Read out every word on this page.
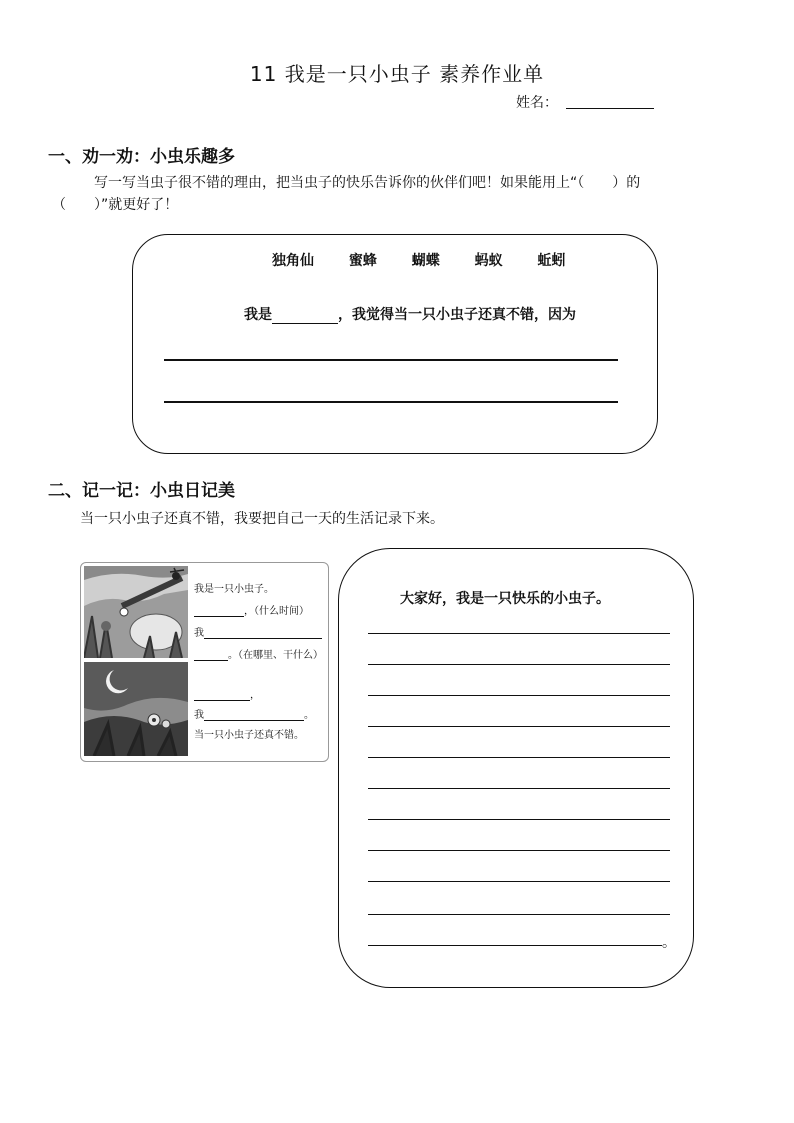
11 我是一只小虫子 素养作业单
姓名：
一、劝一劝：小虫乐趣多
写一写当虫子很不错的理由，把当虫子的快乐告诉你的伙伴们吧！如果能用上“（　　）的
（　　）”就更好了！
独角仙 蜜蜂 蝴蝶 蚂蚁 蚯蚓
我是	，我觉得当一只小虫子还真不错，因为
二、记一记：小虫日记美
当一只小虫子还真不错，我要把自己一天的生活记录下来。
我是一只小虫子。
，（什么时间）
我
。（在哪里、干什么）
，
我	。
当一只小虫子还真不错。
大家好，我是一只快乐的小虫子。
。
